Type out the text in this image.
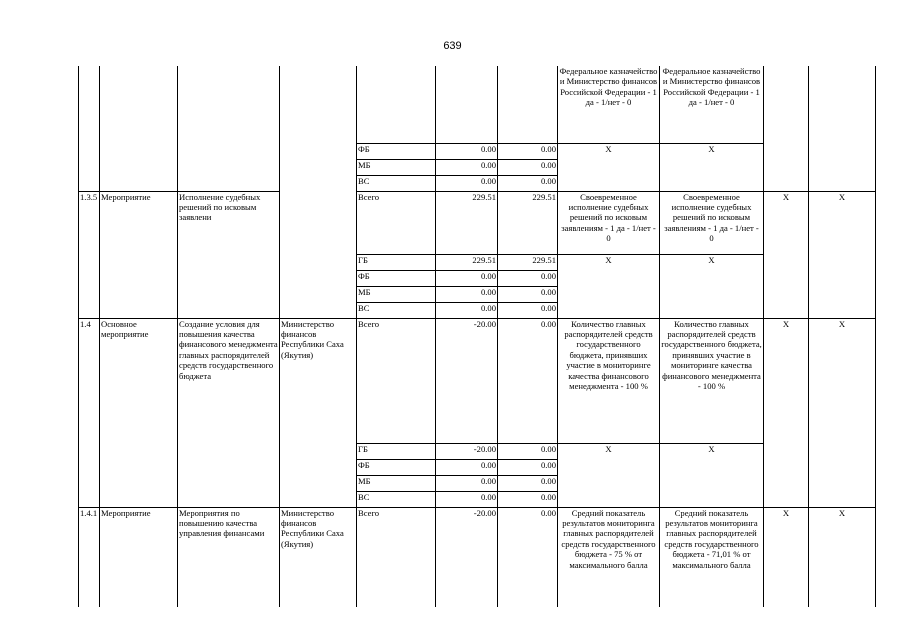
639
							Федеральное казначейство и Министерство финансов Российской Федерации - 1 да - 1/нет - 0	Федеральное казначейство и Министерство финансов Российской Федерации - 1 да - 1/нет - 0		
				ФБ	0.00	0.00	X	X		
				МБ	0.00	0.00				
				ВС	0.00	0.00				
1.3.5	Мероприятие	Исполнение судебных решений по исковым заявлени		Всего	229.51	229.51	Своевременное исполнение судебных решений по исковым заявлениям - 1 да - 1/нет - 0	Своевременное исполнение судебных решений по исковым заявлениям - 1 да - 1/нет - 0	X	X
				ГБ	229.51	229.51	X	X		
				ФБ	0.00	0.00				
				МБ	0.00	0.00				
				ВС	0.00	0.00				
1.4	Основное мероприятие	Создание условия для повышения качества финансового менеджмента главных распорядителей средств государственного бюджета	Министерство финансов Республики Саха (Якутия)	Всего	-20.00	0.00	Количество главных распорядителей средств государственного бюджета, принявших участие в мониторинге качества финансового менеджмента - 100 %	Количество главных распорядителей средств государственного бюджета, принявших участие в мониторинге качества финансового менеджмента - 100 %	X	X
				ГБ	-20.00	0.00	X	X		
				ФБ	0.00	0.00				
				МБ	0.00	0.00				
				ВС	0.00	0.00				
1.4.1	Мероприятие	Мероприятия по повышению качества управления финансами	Министерство финансов Республики Саха (Якутия)	Всего	-20.00	0.00	Средний показатель результатов мониторинга главных распорядителей средств государственного бюджета - 75 % от максимального балла	Средний показатель результатов мониторинга главных распорядителей средств государственного бюджета - 71,01 % от максимального балла	X	X
